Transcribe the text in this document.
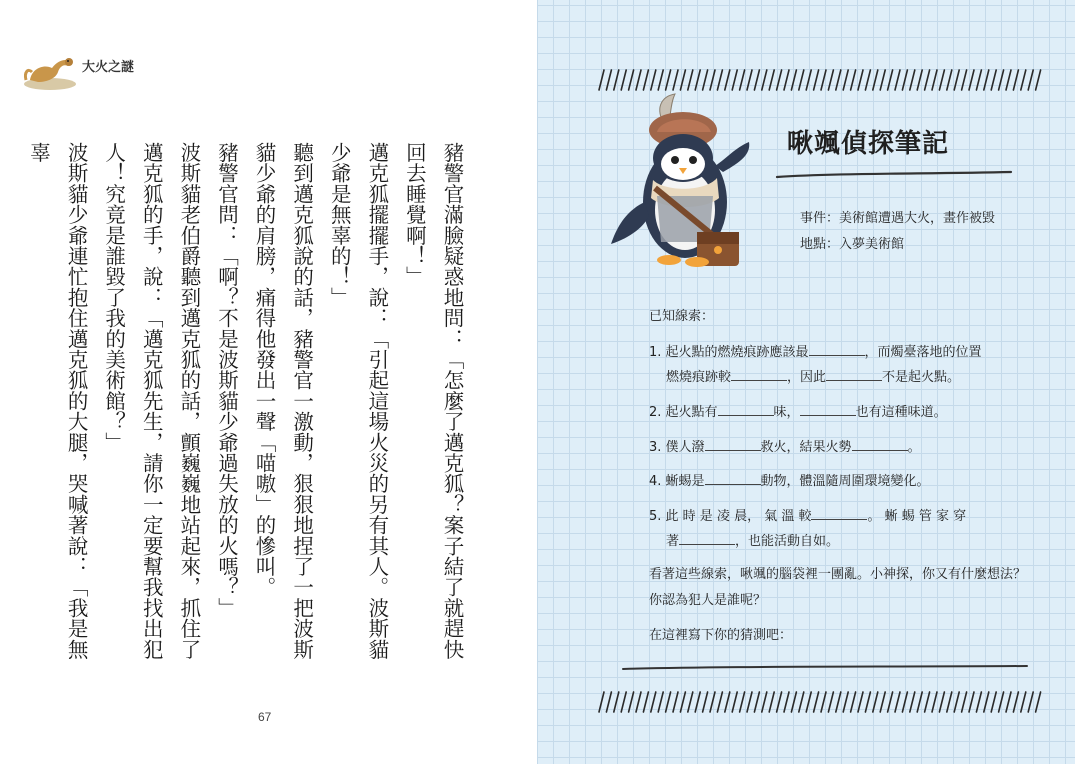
大火之謎

豬警官滿臉疑惑地問：「怎麼了邁克狐？案子結了就趕快回去睡覺啊！」

邁克狐擺擺手，說：「引起這場火災的另有其人。波斯貓少爺是無辜的！」

聽到邁克狐說的話，豬警官一激動，狠狠地捏了一把波斯貓少爺的肩膀，痛得他發出一聲「喵嗷」的慘叫。

豬警官問：「啊？不是波斯貓少爺過失放的火嗎？」

波斯貓老伯爵聽到邁克狐的話，顫巍巍地站起來，抓住了邁克狐的手，說：「邁克狐先生，請你一定要幫我找出犯人！究竟是誰毀了我的美術館？」

波斯貓少爺連忙抱住邁克狐的大腿，哭喊著說：「我是無辜

67
啾颯偵探筆記
事件：美術館遭遇大火，畫作被毀
地點：入夢美術館
已知線索：
1. 起火點的燃燒痕跡應該最	，而燭臺落地的位置
燃燒痕跡較	，因此	不是起火點。
2. 起火點有	味，	也有這種味道。
3. 僕人潑	救火，結果火勢	。
4. 蜥蜴是	動物，體溫隨周圍環境變化。
5. 此 時 是 凌 晨， 氣 溫 較	。 蜥 蜴 管 家 穿
著	，也能活動自如。
看著這些線索，啾颯的腦袋裡一團亂。小神探，你又有什麼想法？你認為犯人是誰呢？
在這裡寫下你的猜測吧：
